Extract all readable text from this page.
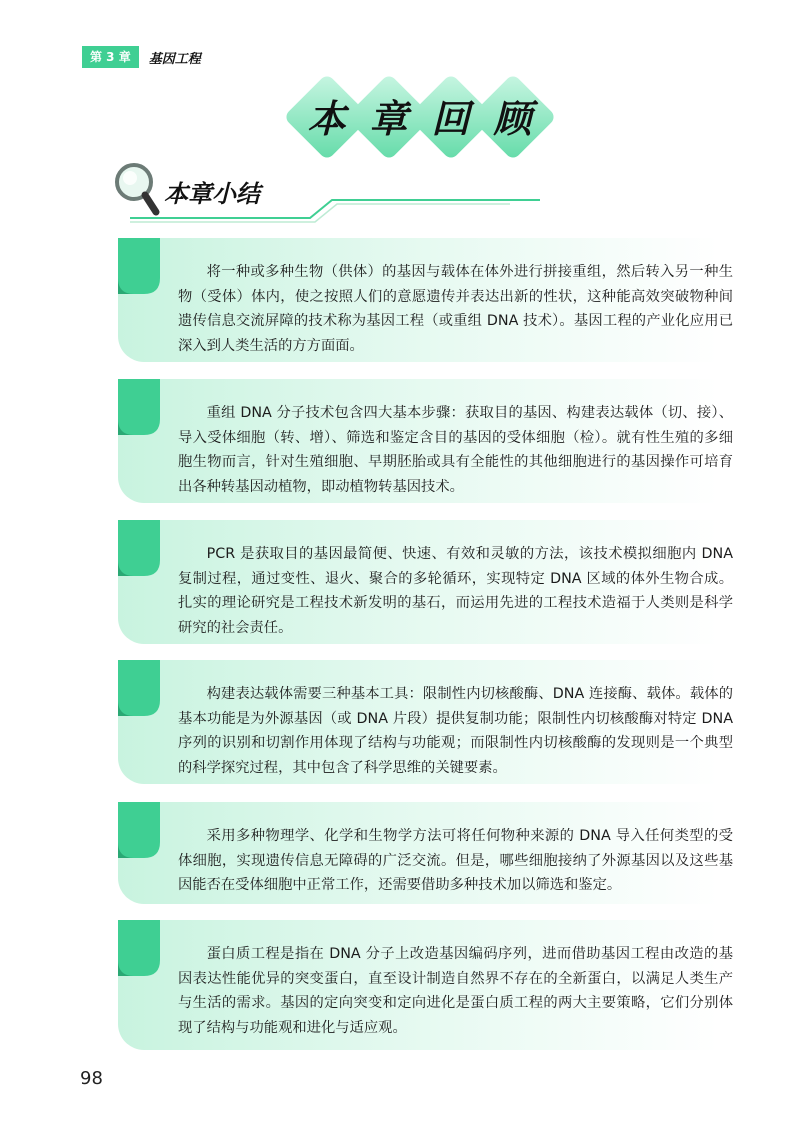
第 3 章	基因工程
本 章 回 顾
本章小结
将一种或多种生物（供体）的基因与载体在体外进行拼接重组，然后转入另一种生物（受体）体内，使之按照人们的意愿遗传并表达出新的性状，这种能高效突破物种间遗传信息交流屏障的技术称为基因工程（或重组 DNA 技术）。基因工程的产业化应用已深入到人类生活的方方面面。
重组 DNA 分子技术包含四大基本步骤：获取目的基因、构建表达载体（切、接）、导入受体细胞（转、增）、筛选和鉴定含目的基因的受体细胞（检）。就有性生殖的多细胞生物而言，针对生殖细胞、早期胚胎或具有全能性的其他细胞进行的基因操作可培育出各种转基因动植物，即动植物转基因技术。
PCR 是获取目的基因最简便、快速、有效和灵敏的方法，该技术模拟细胞内 DNA 复制过程，通过变性、退火、聚合的多轮循环，实现特定 DNA 区域的体外生物合成。扎实的理论研究是工程技术新发明的基石，而运用先进的工程技术造福于人类则是科学研究的社会责任。
构建表达载体需要三种基本工具：限制性内切核酸酶、DNA 连接酶、载体。载体的基本功能是为外源基因（或 DNA 片段）提供复制功能；限制性内切核酸酶对特定 DNA 序列的识别和切割作用体现了结构与功能观；而限制性内切核酸酶的发现则是一个典型的科学探究过程，其中包含了科学思维的关键要素。
采用多种物理学、化学和生物学方法可将任何物种来源的 DNA 导入任何类型的受体细胞，实现遗传信息无障碍的广泛交流。但是，哪些细胞接纳了外源基因以及这些基因能否在受体细胞中正常工作，还需要借助多种技术加以筛选和鉴定。
蛋白质工程是指在 DNA 分子上改造基因编码序列，进而借助基因工程由改造的基因表达性能优异的突变蛋白，直至设计制造自然界不存在的全新蛋白，以满足人类生产与生活的需求。基因的定向突变和定向进化是蛋白质工程的两大主要策略，它们分别体现了结构与功能观和进化与适应观。
98
